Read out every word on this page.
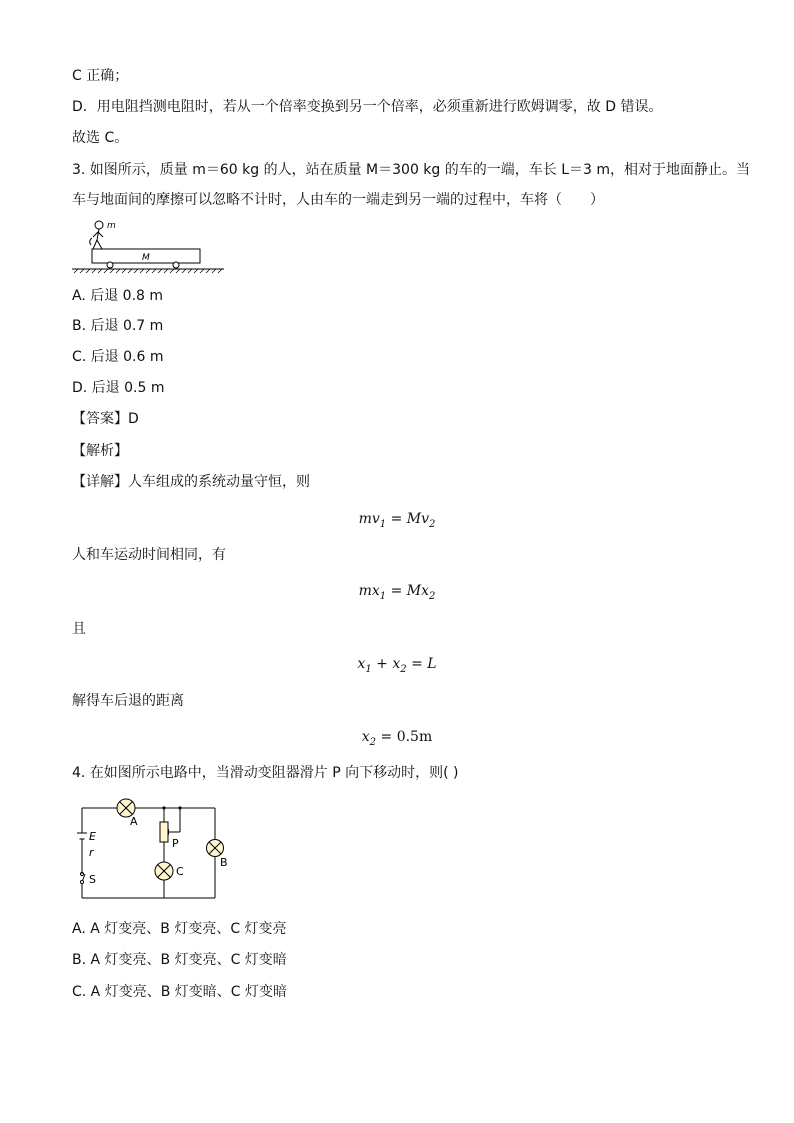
C 正确；
D．用电阻挡测电阻时，若从一个倍率变换到另一个倍率，必须重新进行欧姆调零，故 D 错误。
故选 C。
3. 如图所示，质量 m＝60 kg 的人，站在质量 M＝300 kg 的车的一端，车长 L＝3 m，相对于地面静止。当
车与地面间的摩擦可以忽略不计时，人由车的一端走到另一端的过程中，车将（　　）
m
M
A. 后退 0.8 m
B. 后退 0.7 m
C. 后退 0.6 m
D. 后退 0.5 m
【答案】D
【解析】
【详解】人车组成的系统动量守恒，则
$mv_1 = Mv_2$
人和车运动时间相同，有
$mx_1 = Mx_2$
且
$x_1 + x_2 = L$
解得车后退的距离
$x_2 = 0.5m$
4. 在如图所示电路中，当滑动变阻器滑片 P 向下移动时，则( )
A
B
C
E
r
P
S
A. A 灯变亮、B 灯变亮、C 灯变亮
B. A 灯变亮、B 灯变亮、C 灯变暗
C. A 灯变亮、B 灯变暗、C 灯变暗
